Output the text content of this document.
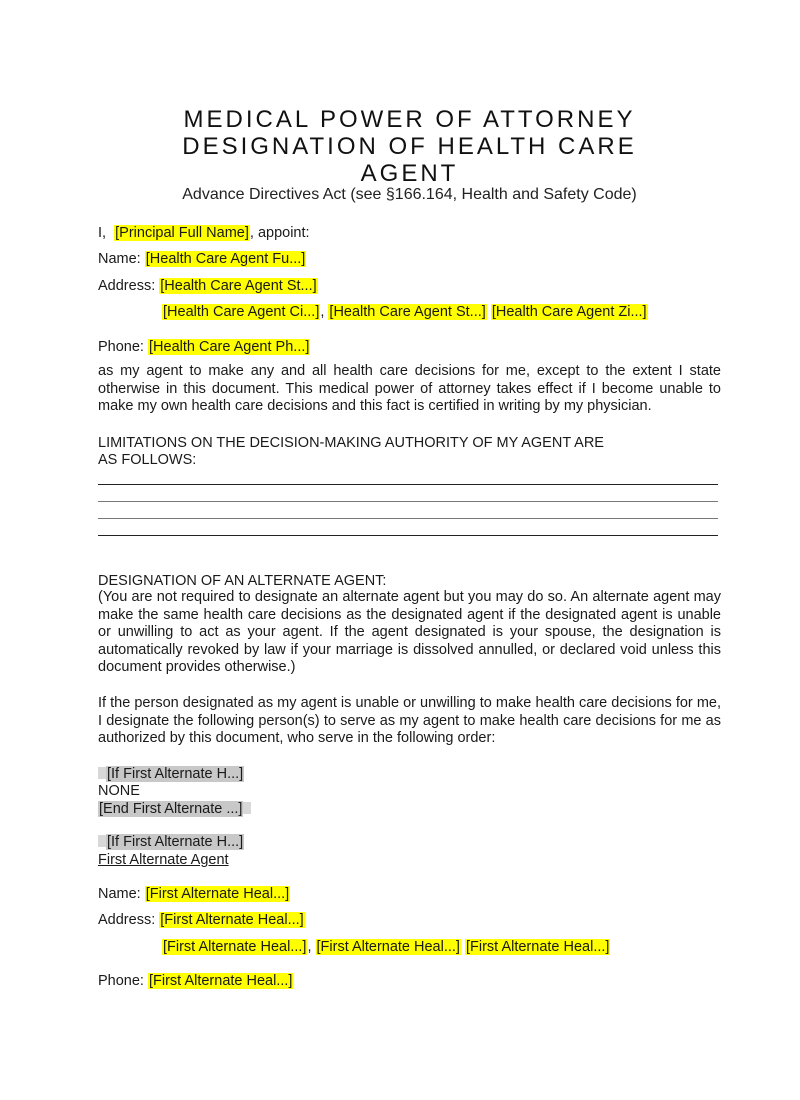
MEDICAL POWER OF ATTORNEY
DESIGNATION OF HEALTH CARE
AGENT
Advance Directives Act (see §166.164, Health and Safety Code)
I, [Principal Full Name], appoint:
Name: [Health Care Agent Fu...]
Address: [Health Care Agent St...]
[Health Care Agent Ci...], [Health Care Agent St...] [Health Care Agent Zi...]
Phone: [Health Care Agent Ph...]
as my agent to make any and all health care decisions for me, except to the extent I state otherwise in this document. This medical power of attorney takes effect if I become unable to make my own health care decisions and this fact is certified in writing by my physician.
LIMITATIONS ON THE DECISION-MAKING AUTHORITY OF MY AGENT ARE
AS FOLLOWS:
DESIGNATION OF AN ALTERNATE AGENT:
(You are not required to designate an alternate agent but you may do so. An alternate agent may make the same health care decisions as the designated agent if the designated agent is unable or unwilling to act as your agent. If the agent designated is your spouse, the designation is automatically revoked by law if your marriage is dissolved annulled, or declared void unless this document provides otherwise.)
If the person designated as my agent is unable or unwilling to make health care decisions for me, I designate the following person(s) to serve as my agent to make health care decisions for me as authorized by this document, who serve in the following order:
[If First Alternate H...]
NONE
[End First Alternate ...]
[If First Alternate H...]
First Alternate Agent
Name: [First Alternate Heal...]
Address: [First Alternate Heal...]
[First Alternate Heal...], [First Alternate Heal...] [First Alternate Heal...]
Phone: [First Alternate Heal...]
